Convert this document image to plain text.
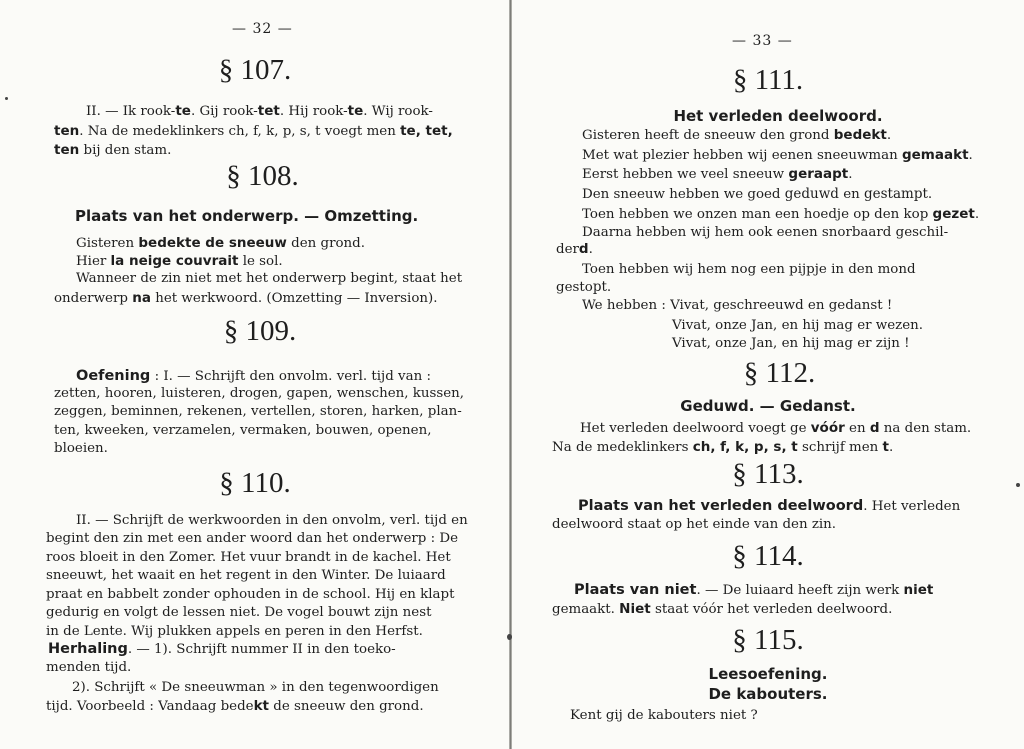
— 32 —
§ 107.
II. — Ik rook-te. Gij rook-tet. Hij rook-te. Wij rook-
ten. Na de medeklinkers ch, f, k, p, s, t voegt men te, tet,
ten bij den stam.
§ 108.
Plaats van het onderwerp. — Omzetting.
Gisteren bedekte de sneeuw den grond.
Hier la neige couvrait le sol.
Wanneer de zin niet met het onderwerp begint, staat het
onderwerp na het werkwoord. (Omzetting — Inversion).
§ 109.
Oefening : I. — Schrijft den onvolm. verl. tijd van :
zetten, hooren, luisteren, drogen, gapen, wenschen, kussen,
zeggen, beminnen, rekenen, vertellen, storen, harken, plan-
ten, kweeken, verzamelen, vermaken, bouwen, openen,
bloeien.
§ 110.
II. — Schrijft de werkwoorden in den onvolm, verl. tijd en
begint den zin met een ander woord dan het onderwerp : De
roos bloeit in den Zomer. Het vuur brandt in de kachel. Het
sneeuwt, het waait en het regent in den Winter. De luiaard
praat en babbelt zonder ophouden in de school. Hij en klapt
gedurig en volgt de lessen niet. De vogel bouwt zijn nest
in de Lente. Wij plukken appels en peren in den Herfst.
Herhaling. — 1). Schrijft nummer II in den toeko-
menden tijd.
2). Schrijft « De sneeuwman » in den tegenwoordigen
tijd. Voorbeeld : Vandaag bedekt de sneeuw den grond.
— 33 —
§ 111.
Het verleden deelwoord.
Gisteren heeft de sneeuw den grond bedekt.
Met wat plezier hebben wij eenen sneeuwman gemaakt.
Eerst hebben we veel sneeuw geraapt.
Den sneeuw hebben we goed geduwd en gestampt.
Toen hebben we onzen man een hoedje op den kop gezet.
Daarna hebben wij hem ook eenen snorbaard geschil-
derd.
Toen hebben wij hem nog een pijpje in den mond
gestopt.
We hebben : Vivat, geschreeuwd en gedanst !
Vivat, onze Jan, en hij mag er wezen.
Vivat, onze Jan, en hij mag er zijn !
§ 112.
Geduwd. — Gedanst.
Het verleden deelwoord voegt ge vóór en d na den stam.
Na de medeklinkers ch, f, k, p, s, t schrijf men t.
§ 113.
Plaats van het verleden deelwoord. Het verleden
deelwoord staat op het einde van den zin.
§ 114.
Plaats van niet. — De luiaard heeft zijn werk niet
gemaakt. Niet staat vóór het verleden deelwoord.
§ 115.
Leesoefening.
De kabouters.
Kent gij de kabouters niet ?
